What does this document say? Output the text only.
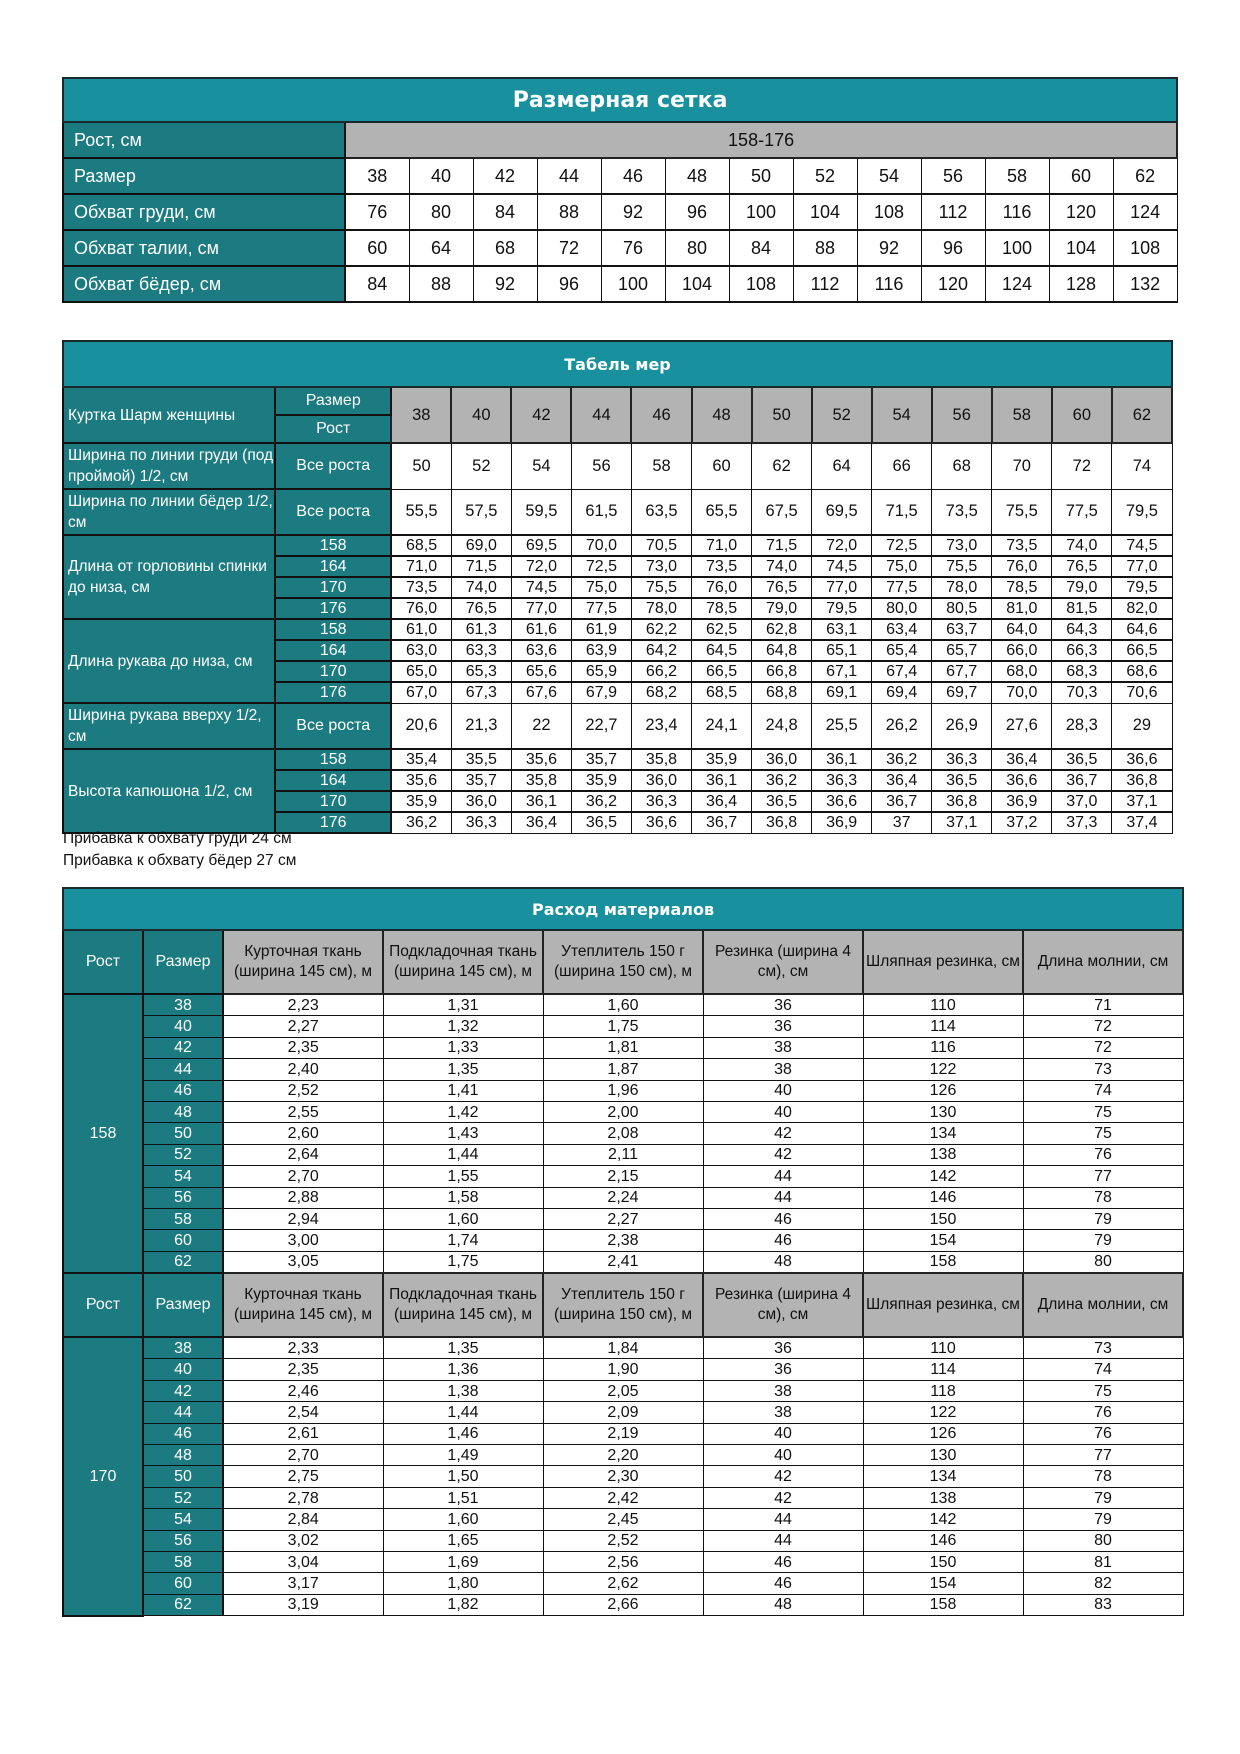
Размерная сетка													
Рост, см	158-176												
Размер	38	40	42	44	46	48	50	52	54	56	58	60	62
Обхват груди, см	76	80	84	88	92	96	100	104	108	112	116	120	124
Обхват талии, см	60	64	68	72	76	80	84	88	92	96	100	104	108
Обхват бёдер, см	84	88	92	96	100	104	108	112	116	120	124	128	132
Табель мер														
Куртка Шарм женщины	Размер	38	40	42	44	46	48	50	52	54	56	58	60	62
	Рост													
Ширина по линии груди (под проймой) 1/2, см	Все роста	50	52	54	56	58	60	62	64	66	68	70	72	74
Ширина по линии бёдер 1/2, см	Все роста	55,5	57,5	59,5	61,5	63,5	65,5	67,5	69,5	71,5	73,5	75,5	77,5	79,5
Длина от горловины спинки до низа, см	158	68,5	69,0	69,5	70,0	70,5	71,0	71,5	72,0	72,5	73,0	73,5	74,0	74,5
	164	71,0	71,5	72,0	72,5	73,0	73,5	74,0	74,5	75,0	75,5	76,0	76,5	77,0
	170	73,5	74,0	74,5	75,0	75,5	76,0	76,5	77,0	77,5	78,0	78,5	79,0	79,5
	176	76,0	76,5	77,0	77,5	78,0	78,5	79,0	79,5	80,0	80,5	81,0	81,5	82,0
Длина рукава до низа, см	158	61,0	61,3	61,6	61,9	62,2	62,5	62,8	63,1	63,4	63,7	64,0	64,3	64,6
	164	63,0	63,3	63,6	63,9	64,2	64,5	64,8	65,1	65,4	65,7	66,0	66,3	66,5
	170	65,0	65,3	65,6	65,9	66,2	66,5	66,8	67,1	67,4	67,7	68,0	68,3	68,6
	176	67,0	67,3	67,6	67,9	68,2	68,5	68,8	69,1	69,4	69,7	70,0	70,3	70,6
Ширина рукава вверху 1/2, см	Все роста	20,6	21,3	22	22,7	23,4	24,1	24,8	25,5	26,2	26,9	27,6	28,3	29
Высота капюшона 1/2, см	158	35,4	35,5	35,6	35,7	35,8	35,9	36,0	36,1	36,2	36,3	36,4	36,5	36,6
	164	35,6	35,7	35,8	35,9	36,0	36,1	36,2	36,3	36,4	36,5	36,6	36,7	36,8
	170	35,9	36,0	36,1	36,2	36,3	36,4	36,5	36,6	36,7	36,8	36,9	37,0	37,1
	176	36,2	36,3	36,4	36,5	36,6	36,7	36,8	36,9	37	37,1	37,2	37,3	37,4
Прибавка к обхвату груди 24 см
Прибавка к обхвату бёдер 27 см
Расход материалов							
Рост	Размер	Курточная ткань (ширина 145 см), м	Подкладочная ткань (ширина 145 см), м	Утеплитель 150 г (ширина 150 см), м	Резинка (ширина 4 см), см	Шляпная резинка, см	Длина молнии, см
158	38	2,23	1,31	1,60	36	110	71
	40	2,27	1,32	1,75	36	114	72
	42	2,35	1,33	1,81	38	116	72
	44	2,40	1,35	1,87	38	122	73
	46	2,52	1,41	1,96	40	126	74
	48	2,55	1,42	2,00	40	130	75
	50	2,60	1,43	2,08	42	134	75
	52	2,64	1,44	2,11	42	138	76
	54	2,70	1,55	2,15	44	142	77
	56	2,88	1,58	2,24	44	146	78
	58	2,94	1,60	2,27	46	150	79
	60	3,00	1,74	2,38	46	154	79
	62	3,05	1,75	2,41	48	158	80
Рост	Размер	Курточная ткань (ширина 145 см), м	Подкладочная ткань (ширина 145 см), м	Утеплитель 150 г (ширина 150 см), м	Резинка (ширина 4 см), см	Шляпная резинка, см	Длина молнии, см
170	38	2,33	1,35	1,84	36	110	73
	40	2,35	1,36	1,90	36	114	74
	42	2,46	1,38	2,05	38	118	75
	44	2,54	1,44	2,09	38	122	76
	46	2,61	1,46	2,19	40	126	76
	48	2,70	1,49	2,20	40	130	77
	50	2,75	1,50	2,30	42	134	78
	52	2,78	1,51	2,42	42	138	79
	54	2,84	1,60	2,45	44	142	79
	56	3,02	1,65	2,52	44	146	80
	58	3,04	1,69	2,56	46	150	81
	60	3,17	1,80	2,62	46	154	82
	62	3,19	1,82	2,66	48	158	83
